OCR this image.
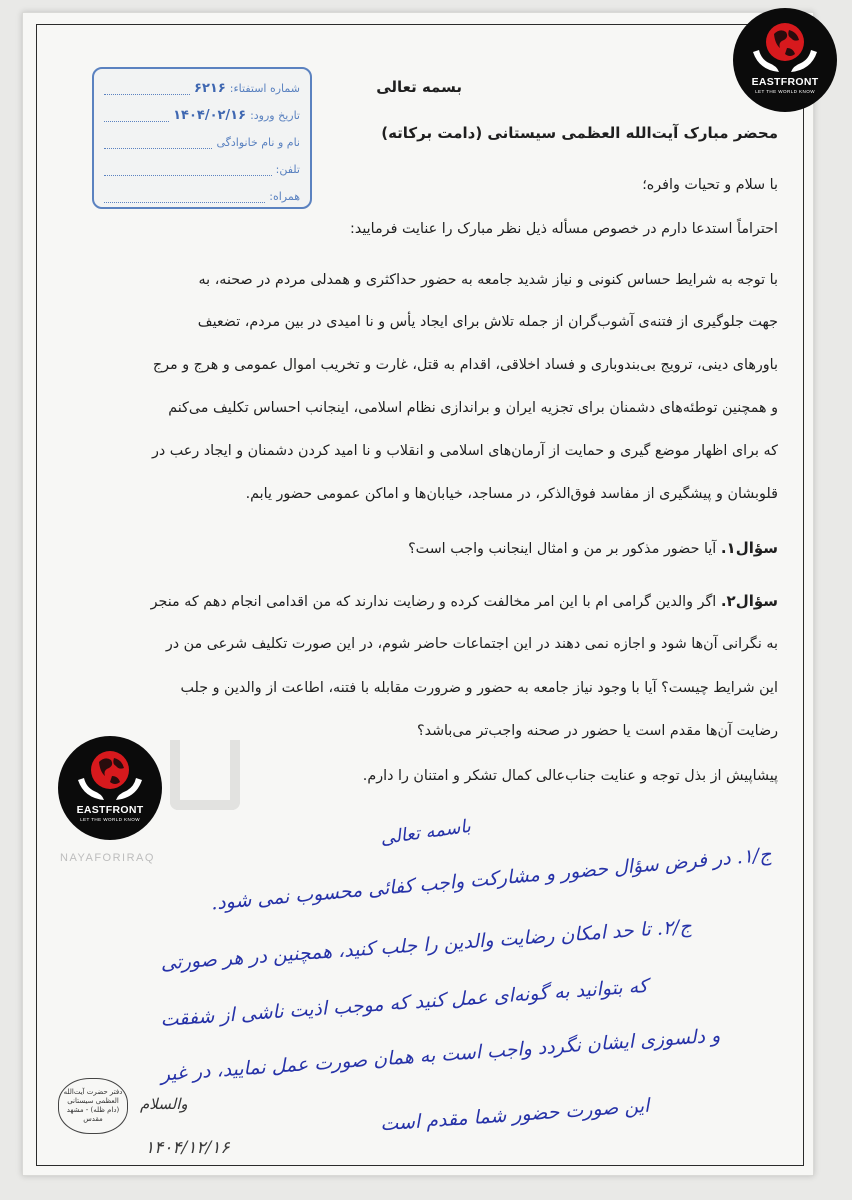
شماره استفتاء:
۶۲۱۶
تاریخ ورود:
۱۴۰۴/۰۲/۱۶
نام و نام خانوادگی
تلفن:
همراه:
EASTFRONT
LET THE WORLD KNOW
EASTFRONT
LET THE WORLD KNOW
بسمه تعالی
محضر مبارک آیت‌الله العظمی سیستانی (دامت برکاته)
با سلام و تحیات وافره؛
احتراماً استدعا دارم در خصوص مسأله ذیل نظر مبارک را عنایت فرمایید:
با توجه به شرایط حساس کنونی و نیاز شدید جامعه به حضور حداکثری و همدلی مردم در صحنه، به
جهت جلوگیری از فتنه‌ی آشوب‌گران از جمله تلاش برای ایجاد یأس و نا امیدی در بین مردم، تضعیف
باورهای دینی، ترویج بی‌بندوباری و فساد اخلاقی، اقدام به قتل، غارت و تخریب اموال عمومی و هرج و مرج
و همچنین توطئه‌های دشمنان برای تجزیه ایران و براندازی نظام اسلامی، اینجانب احساس تکلیف می‌کنم
که برای اظهار موضع گیری و حمایت از آرمان‌های اسلامی و انقلاب و نا امید کردن دشمنان و ایجاد رعب در
قلوبشان و پیشگیری از مفاسد فوق‌الذکر، در مساجد، خیابان‌ها و اماکن عمومی حضور یابم.
سؤال۱. آیا حضور مذکور بر من و امثال اینجانب واجب است؟
سؤال۲. اگر والدین گرامی ام با این امر مخالفت کرده و رضایت ندارند که من اقدامی انجام دهم که منجر
به نگرانی آن‌ها شود و اجازه نمی دهند در این اجتماعات حاضر شوم، در این صورت تکلیف شرعی من در
این شرایط چیست؟ آیا با وجود نیاز جامعه به حضور و ضرورت مقابله با فتنه، اطاعت از والدین و جلب
رضایت آن‌ها مقدم است یا حضور در صحنه واجب‌تر می‌باشد؟
پیشاپیش از بذل توجه و عنایت جناب‌عالی کمال تشکر و امتنان را دارم.
NAYAFORIRAQ
باسمه تعالی
ج/۱. در فرض سؤال حضور و مشارکت واجب کفائی محسوب نمی شود.
ج/۲. تا حد امکان رضایت والدین را جلب کنید، همچنین در هر صورتی
که بتوانید به گونه‌ای عمل کنید که موجب اذیت ناشی از شفقت
و دلسوزی ایشان نگردد واجب است به همان صورت عمل نمایید، در غیر
این صورت حضور شما مقدم است
والسلام
دفتر حضرت آیت‌الله العظمی سیستانی (دام ظله) - مشهد مقدس
۱۴۰۴/۱۲/۱۶
